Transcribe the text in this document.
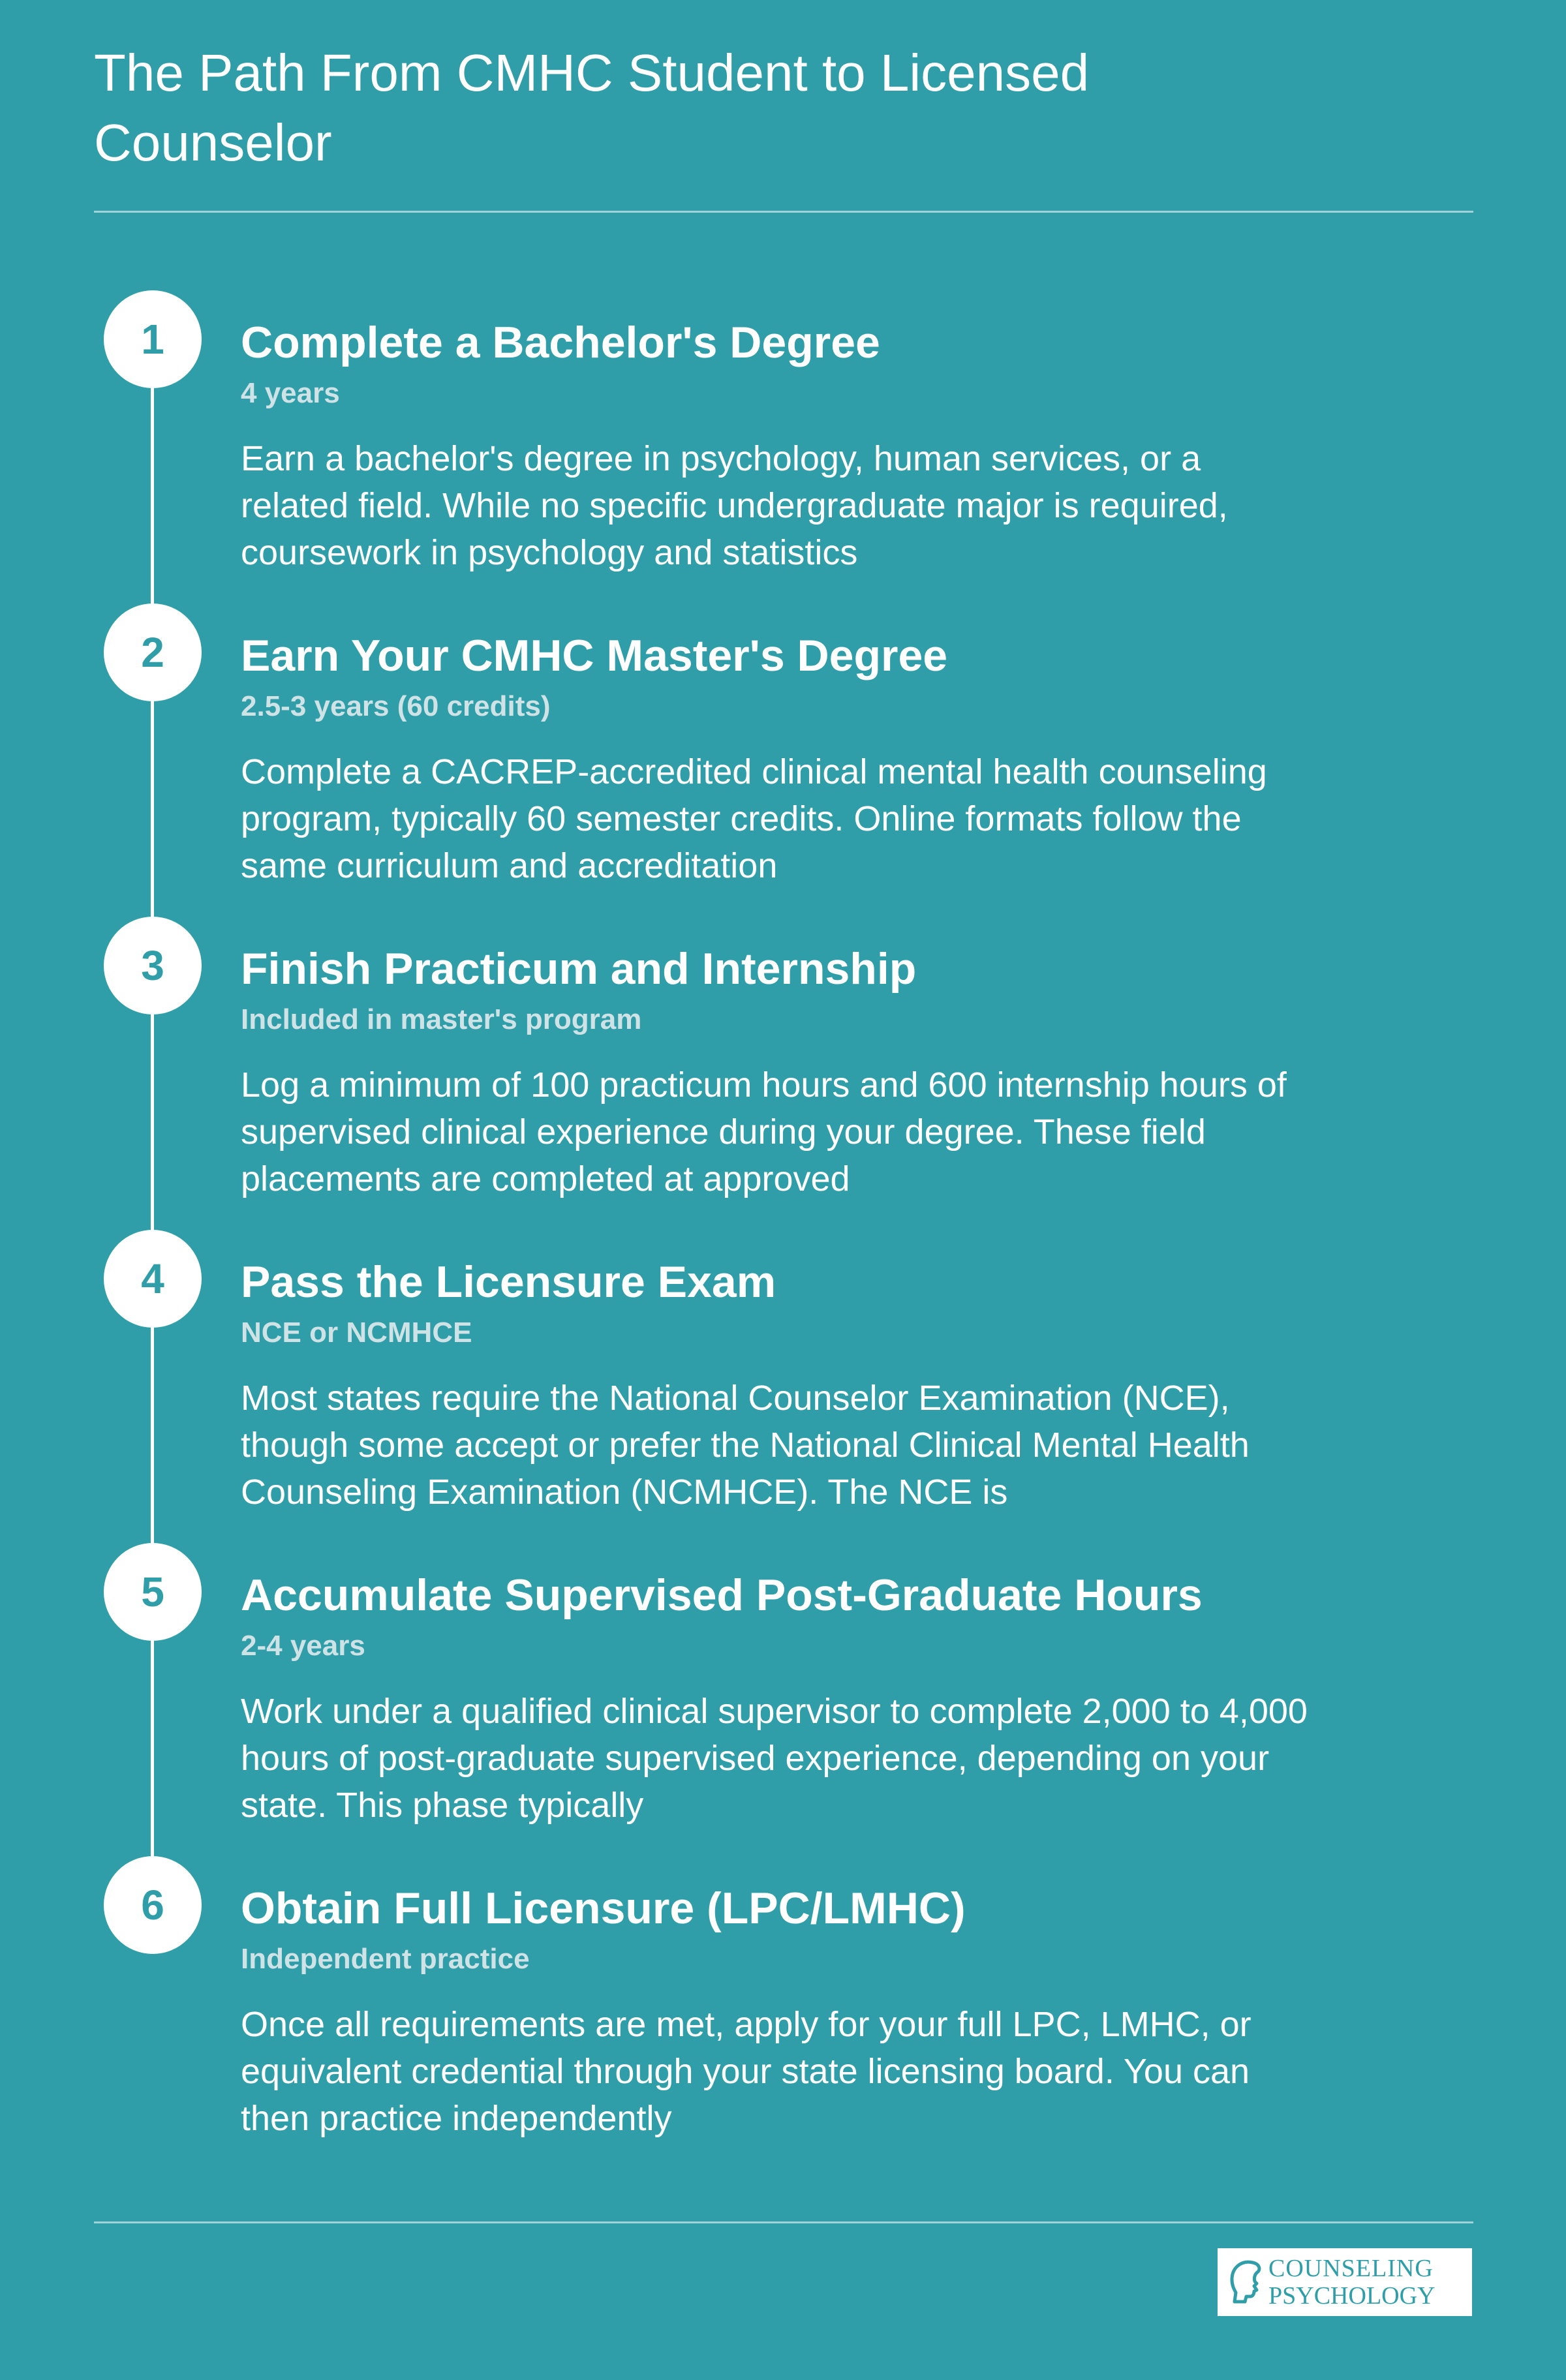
The Path From CMHC Student to Licensed Counselor
1	Complete a Bachelor's Degree
4 years

Earn a bachelor's degree in psychology, human services, or a related field. While no specific undergraduate major is required, coursework in psychology and statistics

2	Earn Your CMHC Master's Degree
2.5-3 years (60 credits)

Complete a CACREP-accredited clinical mental health counseling program, typically 60 semester credits. Online formats follow the same curriculum and accreditation

3	Finish Practicum and Internship
Included in master's program

Log a minimum of 100 practicum hours and 600 internship hours of supervised clinical experience during your degree. These field placements are completed at approved

4	Pass the Licensure Exam
NCE or NCMHCE

Most states require the National Counselor Examination (NCE), though some accept or prefer the National Clinical Mental Health Counseling Examination (NCMHCE). The NCE is

5	Accumulate Supervised Post-Graduate Hours
2-4 years

Work under a qualified clinical supervisor to complete 2,000 to 4,000 hours of post-graduate supervised experience, depending on your state. This phase typically

6	Obtain Full Licensure (LPC/LMHC)
Independent practice

Once all requirements are met, apply for your full LPC, LMHC, or equivalent credential through your state licensing board. You can then practice independently

COUNSELING
PSYCHOLOGY
